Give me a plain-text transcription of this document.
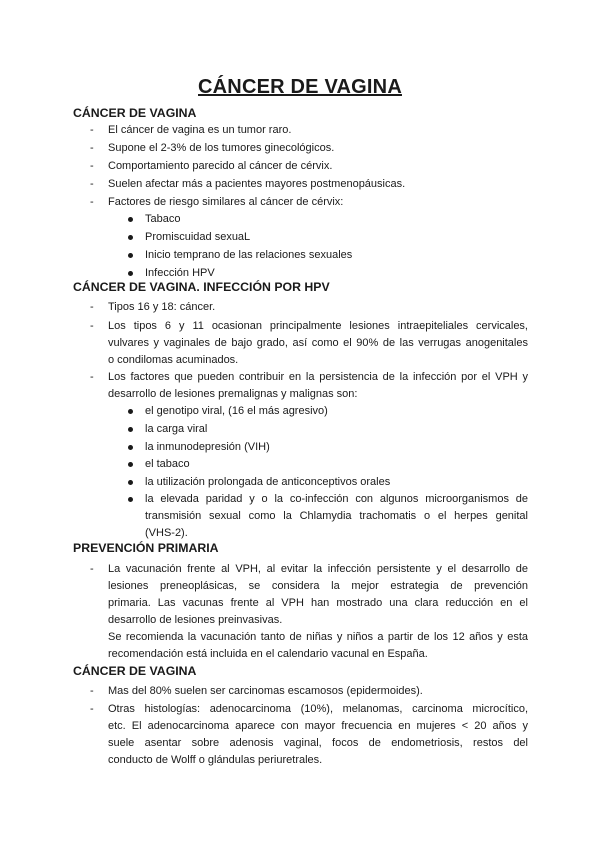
CÁNCER DE VAGINA
CÁNCER DE VAGINA
- El cáncer de vagina es un tumor raro.
- Supone el 2-3% de los tumores ginecológicos.
- Comportamiento parecido al cáncer de cérvix.
- Suelen afectar más a pacientes mayores postmenopáusicas.
- Factores de riesgo similares al cáncer de cérvix:
Tabaco
Promiscuidad sexuaL
Inicio temprano de las relaciones sexuales
Infección HPV
CÁNCER DE VAGINA. INFECCIÓN POR HPV
- Tipos 16 y 18: cáncer.
- Los tipos 6 y 11 ocasionan principalmente lesiones intraepiteliales cervicales,
vulvares y vaginales de bajo grado, así como el 90% de las verrugas anogenitales
o condilomas acuminados.
- Los factores que pueden contribuir en la persistencia de la infección por el VPH y
desarrollo de lesiones premalignas y malignas son:
el genotipo viral, (16 el más agresivo)
la carga viral
la inmunodepresión (VIH)
el tabaco
la utilización prolongada de anticonceptivos orales
la elevada paridad y o la co-infección con algunos microorganismos de
transmisión sexual como la Chlamydia trachomatis o el herpes genital
(VHS-2).
PREVENCIÓN PRIMARIA
- La vacunación frente al VPH, al evitar la infección persistente y el desarrollo de
lesiones preneoplásicas, se considera la mejor estrategia de prevención
primaria. Las vacunas frente al VPH han mostrado una clara reducción en el
desarrollo de lesiones preinvasivas.
Se recomienda la vacunación tanto de niñas y niños a partir de los 12 años y esta
recomendación está incluida en el calendario vacunal en España.
CÁNCER DE VAGINA
- Mas del 80% suelen ser carcinomas escamosos (epidermoides).
- Otras histologías: adenocarcinoma (10%), melanomas, carcinoma microcítico,
etc. El adenocarcinoma aparece con mayor frecuencia en mujeres < 20 años y
suele asentar sobre adenosis vaginal, focos de endometriosis, restos del
conducto de Wolff o glándulas periuretrales.
